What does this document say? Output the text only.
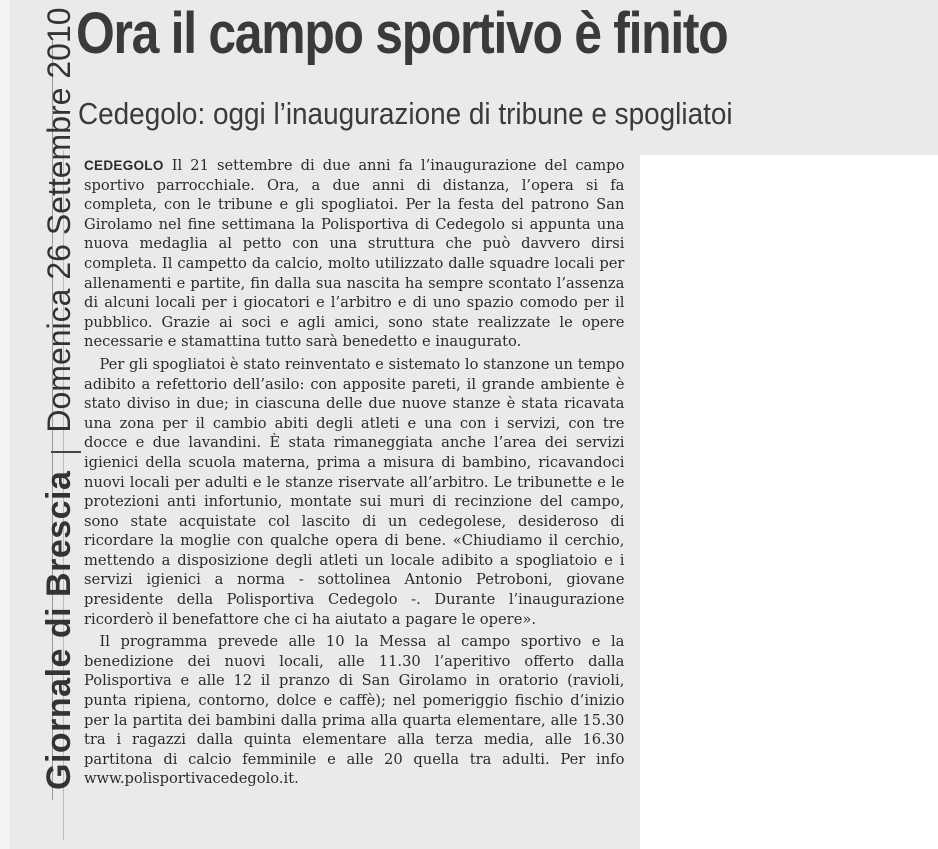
Giornale di BresciaDomenica 26 Settembre 2010 Ora il campo sportivo è finito
Cedegolo: oggi l’inaugurazione di tribune e spogliatoi

CEDEGOLO Il 21 settembre di due anni fa l’inaugurazione del campo sportivo parrocchiale. Ora, a due anni di distanza, l’opera si fa completa, con le tribune e gli spogliatoi. Per la festa del patrono San Girolamo nel fine settimana la Polisportiva di Cedegolo si appunta una nuova medaglia al petto con una struttura che può davvero dirsi completa. Il campetto da calcio, molto utilizzato dalle squadre locali per allenamenti e partite, fin dalla sua nascita ha sempre scontato l’assenza di alcuni locali per i giocatori e l’arbitro e di uno spazio comodo per il pubblico. Grazie ai soci e agli amici, sono state realizzate le opere necessarie e stamattina tutto sarà benedetto e inaugurato.

Per gli spogliatoi è stato reinventato e sistemato lo stanzone un tempo adibito a refettorio dell’asilo: con apposite pareti, il grande ambiente è stato diviso in due; in ciascuna delle due nuove stanze è stata ricavata una zona per il cambio abiti degli atleti e una con i servizi, con tre docce e due lavandini. È stata rimaneggiata anche l’area dei servizi igienici della scuola materna, prima a misura di bambino, ricavandoci nuovi locali per adulti e le stanze riservate all’arbitro. Le tribunette e le protezioni anti infortunio, montate sui muri di recinzione del campo, sono state acquistate col lascito di un cedegolese, desideroso di ricordare la moglie con qualche opera di bene. «Chiudiamo il cerchio, mettendo a disposizione degli atleti un locale adibito a spogliatoio e i servizi igienici a norma - sottolinea Antonio Petroboni, giovane presidente della Polisportiva Cedegolo -. Durante l’inaugurazione ricorderò il benefattore che ci ha aiutato a pagare le opere».

Il programma prevede alle 10 la Messa al campo sportivo e la benedizione dei nuovi locali, alle 11.30 l’aperitivo offerto dalla Polisportiva e alle 12 il pranzo di San Girolamo in oratorio (ravioli, punta ripiena, contorno, dolce e caffè); nel pomeriggio fischio d’inizio per la partita dei bambini dalla prima alla quarta elementare, alle 15.30 tra i ragazzi dalla quinta elementare alla terza media, alle 16.30 partitona di calcio femminile e alle 20 quella tra adulti. Per info www.polisportivacedegolo.it.
